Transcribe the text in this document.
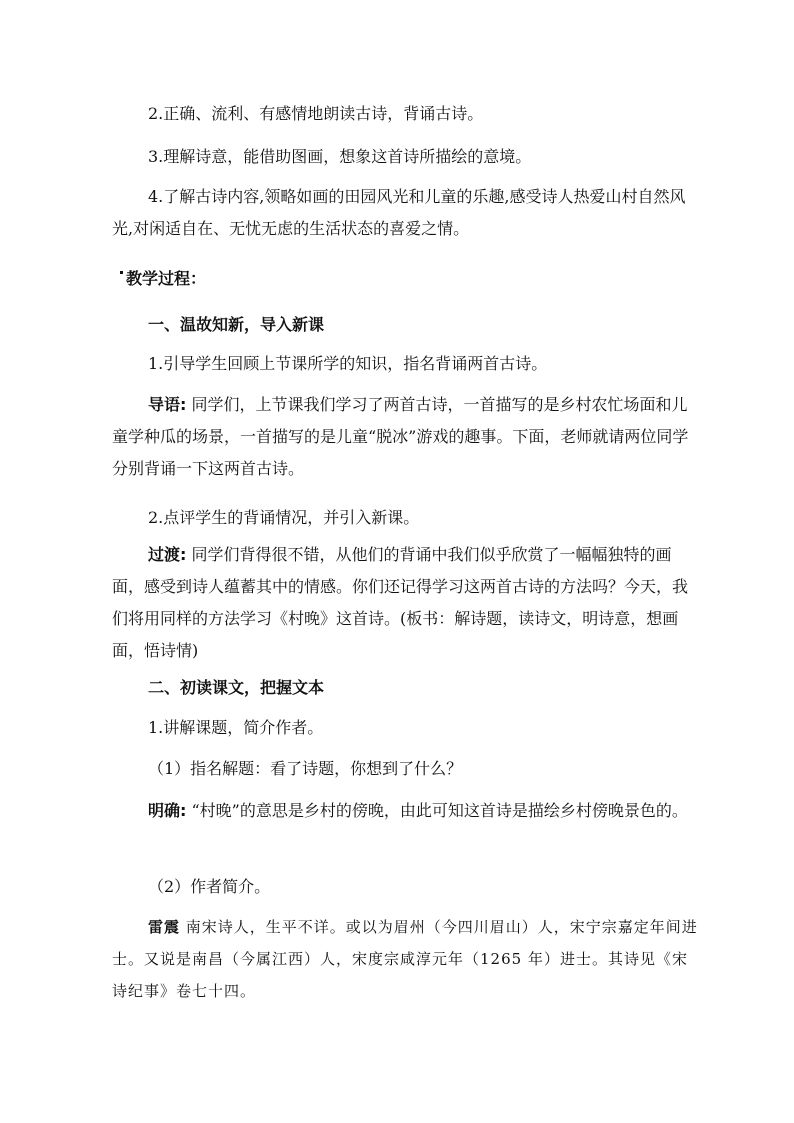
2.正确、流利、有感情地朗读古诗，背诵古诗。

3.理解诗意，能借助图画，想象这首诗所描绘的意境。

4.了解古诗内容,领略如画的田园风光和儿童的乐趣,感受诗人热爱山村自然风光,对闲适自在、无忧无虑的生活状态的喜爱之情。

教学过程：

一、温故知新，导入新课

1.引导学生回顾上节课所学的知识，指名背诵两首古诗。

导语: 同学们，上节课我们学习了两首古诗，一首描写的是乡村农忙场面和儿童学种瓜的场景，一首描写的是儿童“脱冰”游戏的趣事。下面，老师就请两位同学分别背诵一下这两首古诗。

2.点评学生的背诵情况，并引入新课。

过渡: 同学们背得很不错，从他们的背诵中我们似乎欣赏了一幅幅独特的画面，感受到诗人蕴蓄其中的情感。你们还记得学习这两首古诗的方法吗？今天，我们将用同样的方法学习《村晚》这首诗。(板书：解诗题，读诗文，明诗意，想画面，悟诗情)

二、初读课文，把握文本

1.讲解课题，简介作者。

（1）指名解题：看了诗题，你想到了什么？

明确: “村晚”的意思是乡村的傍晚，由此可知这首诗是描绘乡村傍晚景色的。

（2）作者简介。

雷震 南宋诗人，生平不详。或以为眉州（今四川眉山）人，宋宁宗嘉定年间进士。又说是南昌（今属江西）人，宋度宗咸淳元年（1265 年）进士。其诗见《宋诗纪事》卷七十四。
